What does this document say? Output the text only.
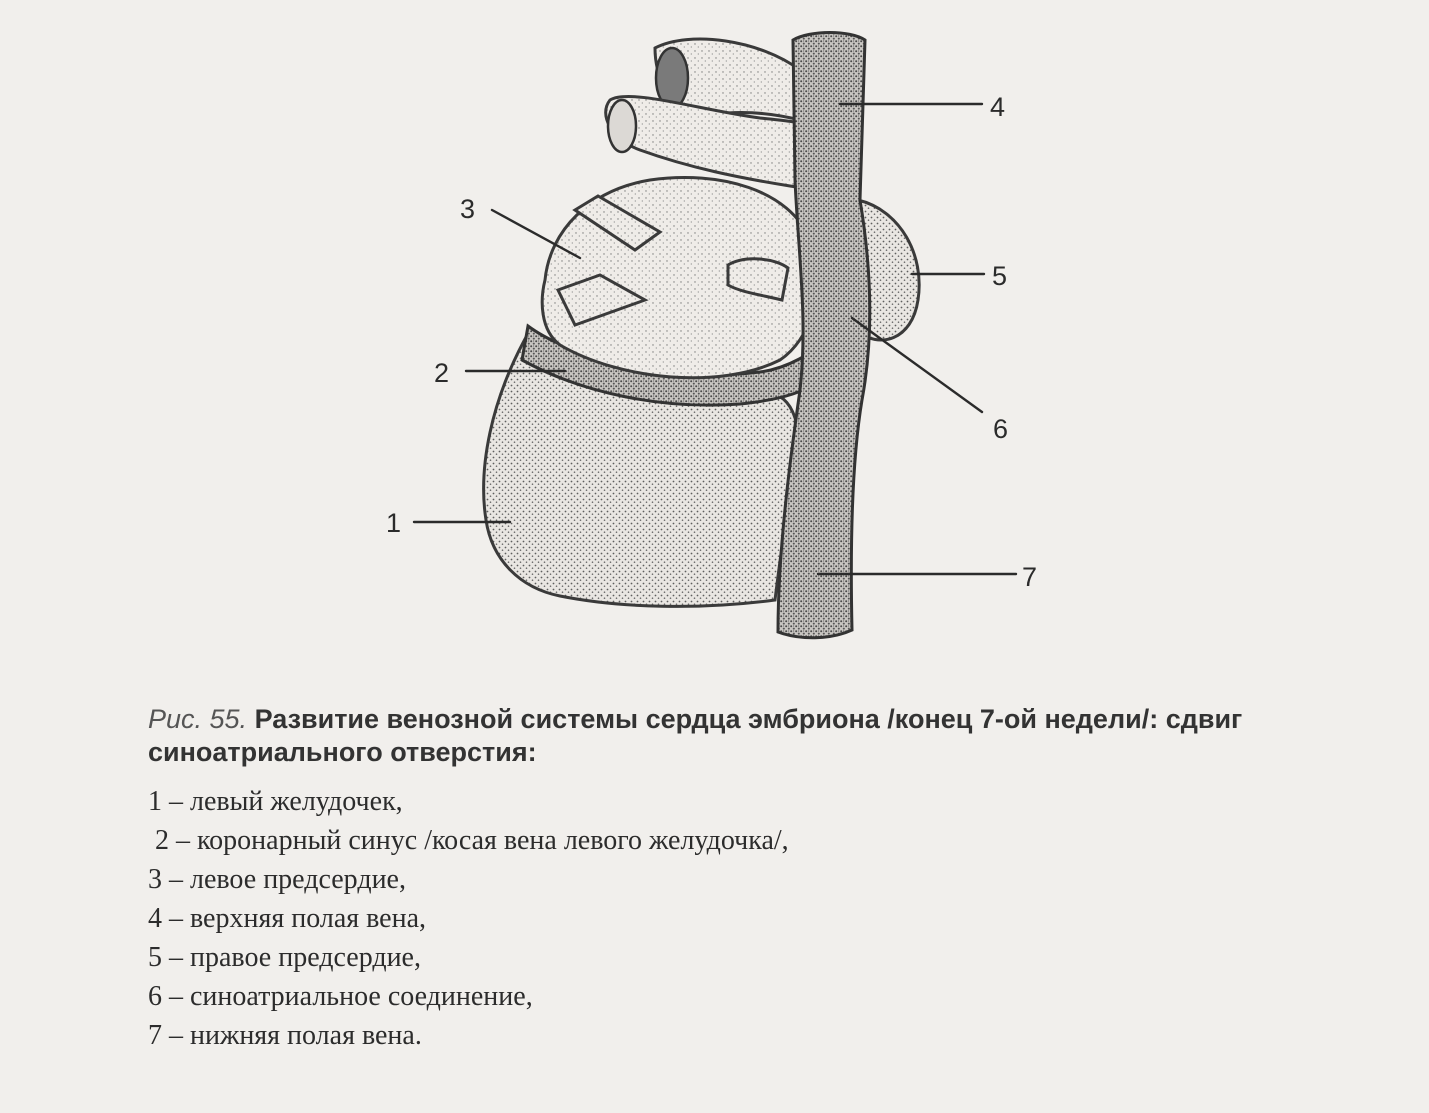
1
2
3
4
5
6
7
Рис. 55. Развитие венозной системы сердца эмбриона /конец 7-ой недели/: сдвиг синоатриального отверстия:
1 – левый желудочек,
2 – коронарный синус /косая вена левого желудочка/,
3 – левое предсердие,
4 – верхняя полая вена,
5 – правое предсердие,
6 – синоатриальное соединение,
7 – нижняя полая вена.
